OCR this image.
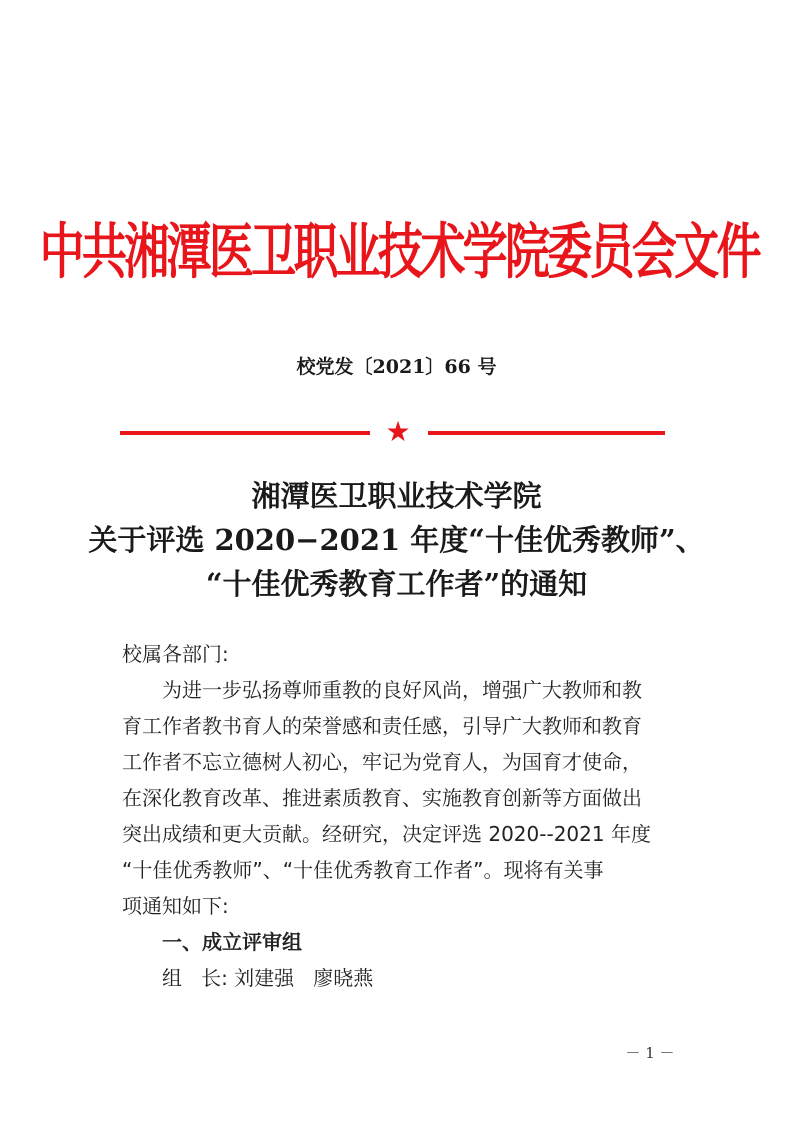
中共湘潭医卫职业技术学院委员会文件
校党发〔2021〕66 号
★
湘潭医卫职业技术学院
关于评选 2020−2021 年度“十佳优秀教师”、
“十佳优秀教育工作者”的通知
校属各部门:
为进一步弘扬尊师重教的良好风尚，增强广大教师和教
育工作者教书育人的荣誉感和责任感，引导广大教师和教育
工作者不忘立德树人初心，牢记为党育人，为国育才使命，
在深化教育改革、推进素质教育、实施教育创新等方面做出
突出成绩和更大贡献。经研究，决定评选 2020--2021 年度
“十佳优秀教师”、“十佳优秀教育工作者”。现将有关事
项通知如下:
一、成立评审组
组   长: 刘建强   廖晓燕
－ 1 －
